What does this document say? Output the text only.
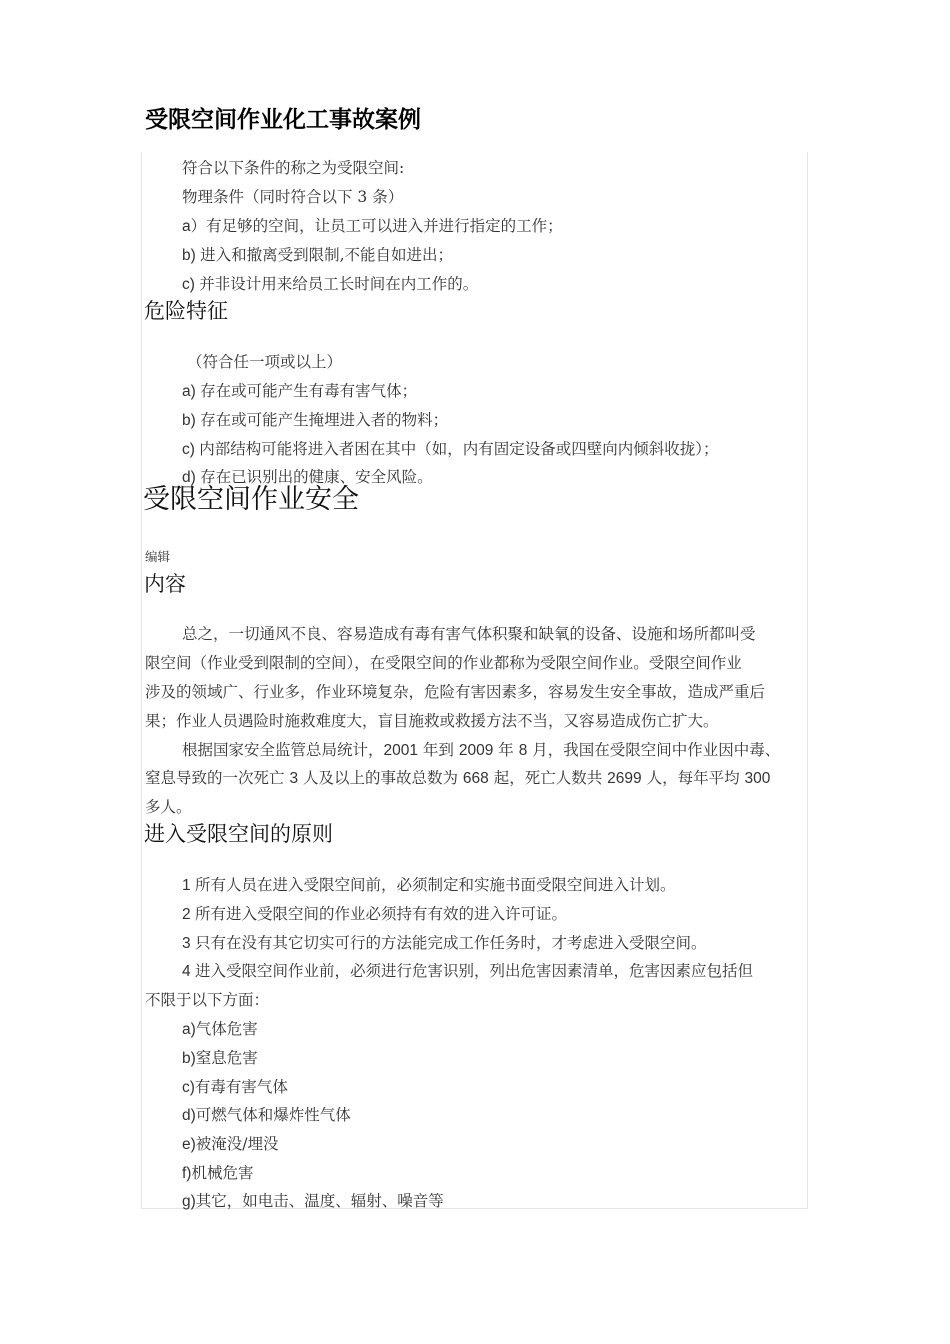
受限空间作业化工事故案例

符合以下条件的称之为受限空间:

物理条件（同时符合以下 3 条）

a）有足够的空间，让员工可以进入并进行指定的工作；

b) 进入和撤离受到限制,不能自如进出；

c) 并非设计用来给员工长时间在内工作的。

危险特征

（符合任一项或以上）

a) 存在或可能产生有毒有害气体；

b) 存在或可能产生掩埋进入者的物料；

c) 内部结构可能将进入者困在其中（如，内有固定设备或四壁向内倾斜收拢）；

d) 存在已识别出的健康、安全风险。

受限空间作业安全
编辑
内容

总之，一切通风不良、容易造成有毒有害气体积聚和缺氧的设备、设施和场所都叫受

限空间（作业受到限制的空间），在受限空间的作业都称为受限空间作业。受限空间作业

涉及的领域广、行业多，作业环境复杂，危险有害因素多，容易发生安全事故，造成严重后

果；作业人员遇险时施救难度大，盲目施救或救援方法不当，又容易造成伤亡扩大。

根据国家安全监管总局统计，2001 年到 2009 年 8 月，我国在受限空间中作业因中毒、

窒息导致的一次死亡 3 人及以上的事故总数为 668 起，死亡人数共 2699 人，每年平均 300

多人。

进入受限空间的原则

1 所有人员在进入受限空间前，必须制定和实施书面受限空间进入计划。

2 所有进入受限空间的作业必须持有有效的进入许可证。

3 只有在没有其它切实可行的方法能完成工作任务时，才考虑进入受限空间。

4 进入受限空间作业前，必须进行危害识别，列出危害因素清单，危害因素应包括但

不限于以下方面：

a)气体危害

b)窒息危害

c)有毒有害气体

d)可燃气体和爆炸性气体

e)被淹没/埋没

f)机械危害

g)其它，如电击、温度、辐射、噪音等
